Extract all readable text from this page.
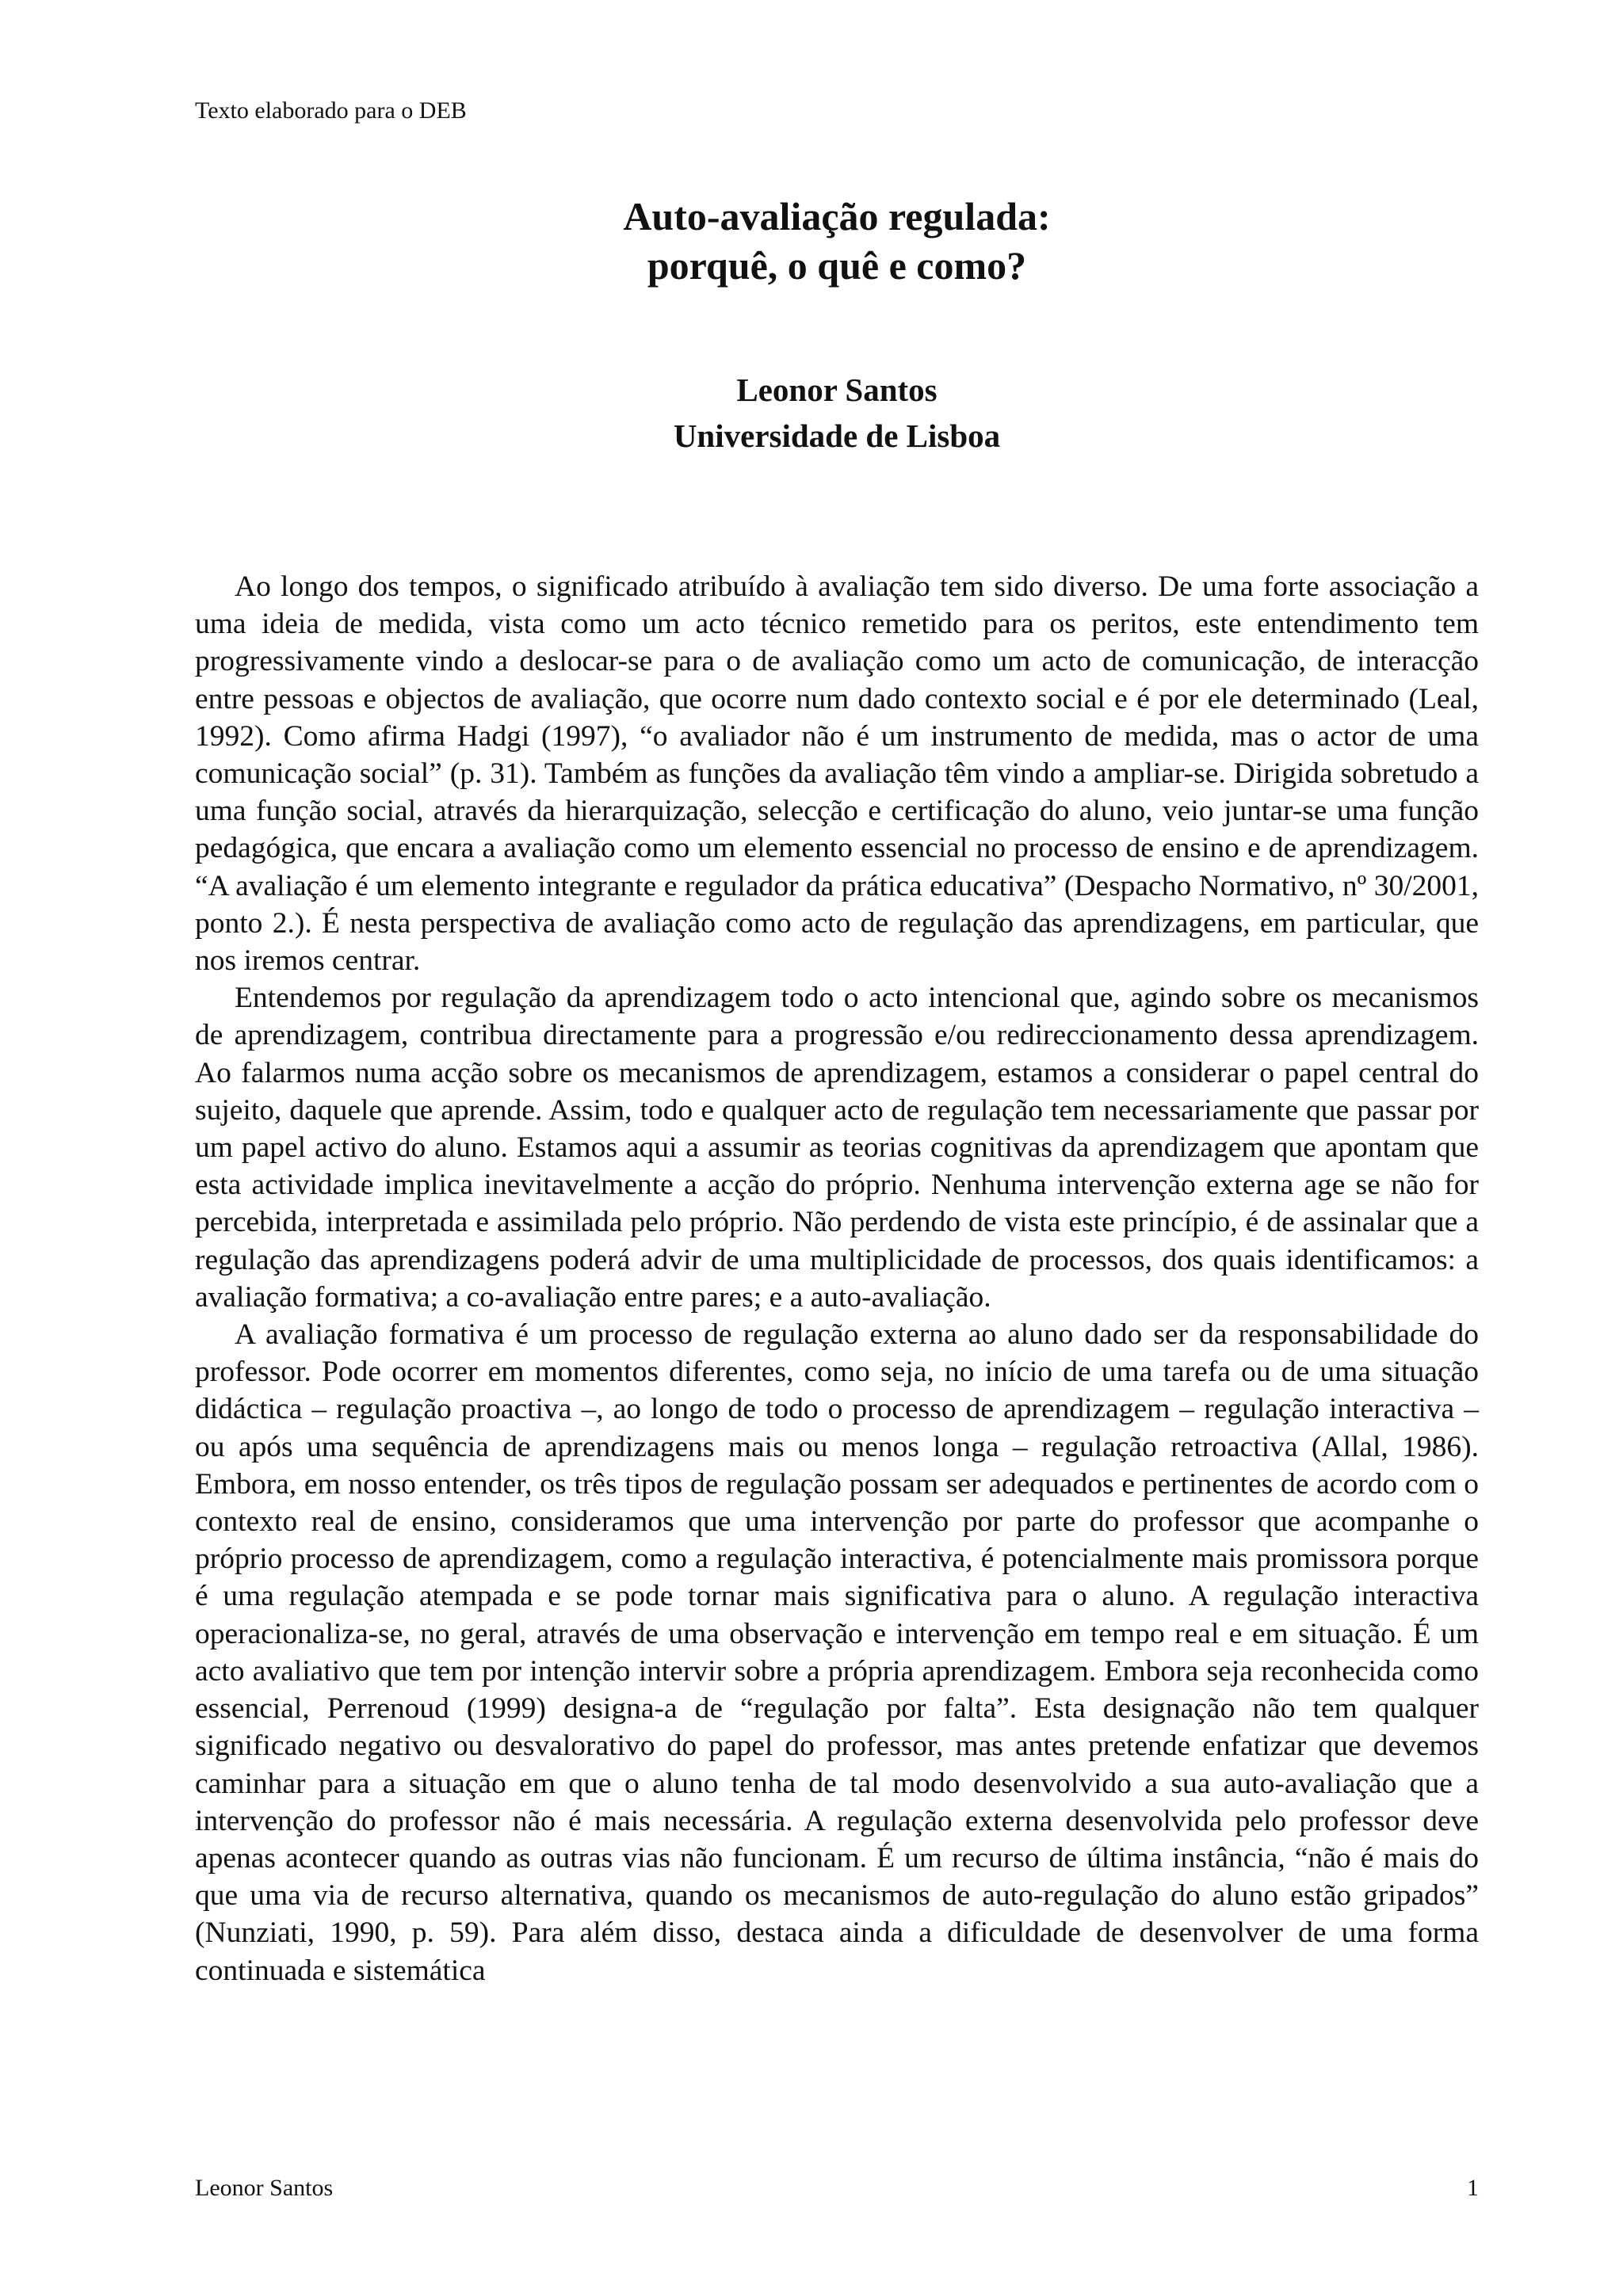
Texto elaborado para o DEB
Auto-avaliação regulada:
porquê, o quê e como?
Leonor Santos
Universidade de Lisboa

Ao longo dos tempos, o significado atribuído à avaliação tem sido diverso. De uma forte associação a uma ideia de medida, vista como um acto técnico remetido para os peritos, este entendimento tem progressivamente vindo a deslocar-se para o de avaliação como um acto de comunicação, de interacção entre pessoas e objectos de avaliação, que ocorre num dado contexto social e é por ele determinado (Leal, 1992). Como afirma Hadgi (1997), “o avaliador não é um instrumento de medida, mas o actor de uma comunicação social” (p. 31). Também as funções da avaliação têm vindo a ampliar-se. Dirigida sobretudo a uma função social, através da hierarquização, selecção e certificação do aluno, veio juntar-se uma função pedagógica, que encara a avaliação como um elemento essencial no processo de ensino e de aprendizagem. “A avaliação é um elemento integrante e regulador da prática educativa” (Despacho Normativo, nº 30/2001, ponto 2.). É nesta perspectiva de avaliação como acto de regulação das aprendizagens, em particular, que nos iremos centrar.

Entendemos por regulação da aprendizagem todo o acto intencional que, agindo sobre os mecanismos de aprendizagem, contribua directamente para a progressão e/ou redireccionamento dessa aprendizagem. Ao falarmos numa acção sobre os mecanismos de aprendizagem, estamos a considerar o papel central do sujeito, daquele que aprende. Assim, todo e qualquer acto de regulação tem necessariamente que passar por um papel activo do aluno. Estamos aqui a assumir as teorias cognitivas da aprendizagem que apontam que esta actividade implica inevitavelmente a acção do próprio. Nenhuma intervenção externa age se não for percebida, interpretada e assimilada pelo próprio. Não perdendo de vista este princípio, é de assinalar que a regulação das aprendizagens poderá advir de uma multiplicidade de processos, dos quais identificamos: a avaliação formativa; a co-avaliação entre pares; e a auto-avaliação.

A avaliação formativa é um processo de regulação externa ao aluno dado ser da responsabilidade do professor. Pode ocorrer em momentos diferentes, como seja, no início de uma tarefa ou de uma situação didáctica – regulação proactiva –, ao longo de todo o processo de aprendizagem – regulação interactiva – ou após uma sequência de aprendizagens mais ou menos longa – regulação retroactiva (Allal, 1986). Embora, em nosso entender, os três tipos de regulação possam ser adequados e pertinentes de acordo com o contexto real de ensino, consideramos que uma intervenção por parte do professor que acompanhe o próprio processo de aprendizagem, como a regulação interactiva, é potencialmente mais promissora porque é uma regulação atempada e se pode tornar mais significativa para o aluno. A regulação interactiva operacionaliza-se, no geral, através de uma observação e intervenção em tempo real e em situação. É um acto avaliativo que tem por intenção intervir sobre a própria aprendizagem. Embora seja reconhecida como essencial, Perrenoud (1999) designa-a de “regulação por falta”. Esta designação não tem qualquer significado negativo ou desvalorativo do papel do professor, mas antes pretende enfatizar que devemos caminhar para a situação em que o aluno tenha de tal modo desenvolvido a sua auto-avaliação que a intervenção do professor não é mais necessária. A regulação externa desenvolvida pelo professor deve apenas acontecer quando as outras vias não funcionam. É um recurso de última instância, “não é mais do que uma via de recurso alternativa, quando os mecanismos de auto-regulação do aluno estão gripados” (Nunziati, 1990, p. 59). Para além disso, destaca ainda a dificuldade de desenvolver de uma forma continuada e sistemática

Leonor Santos	1
